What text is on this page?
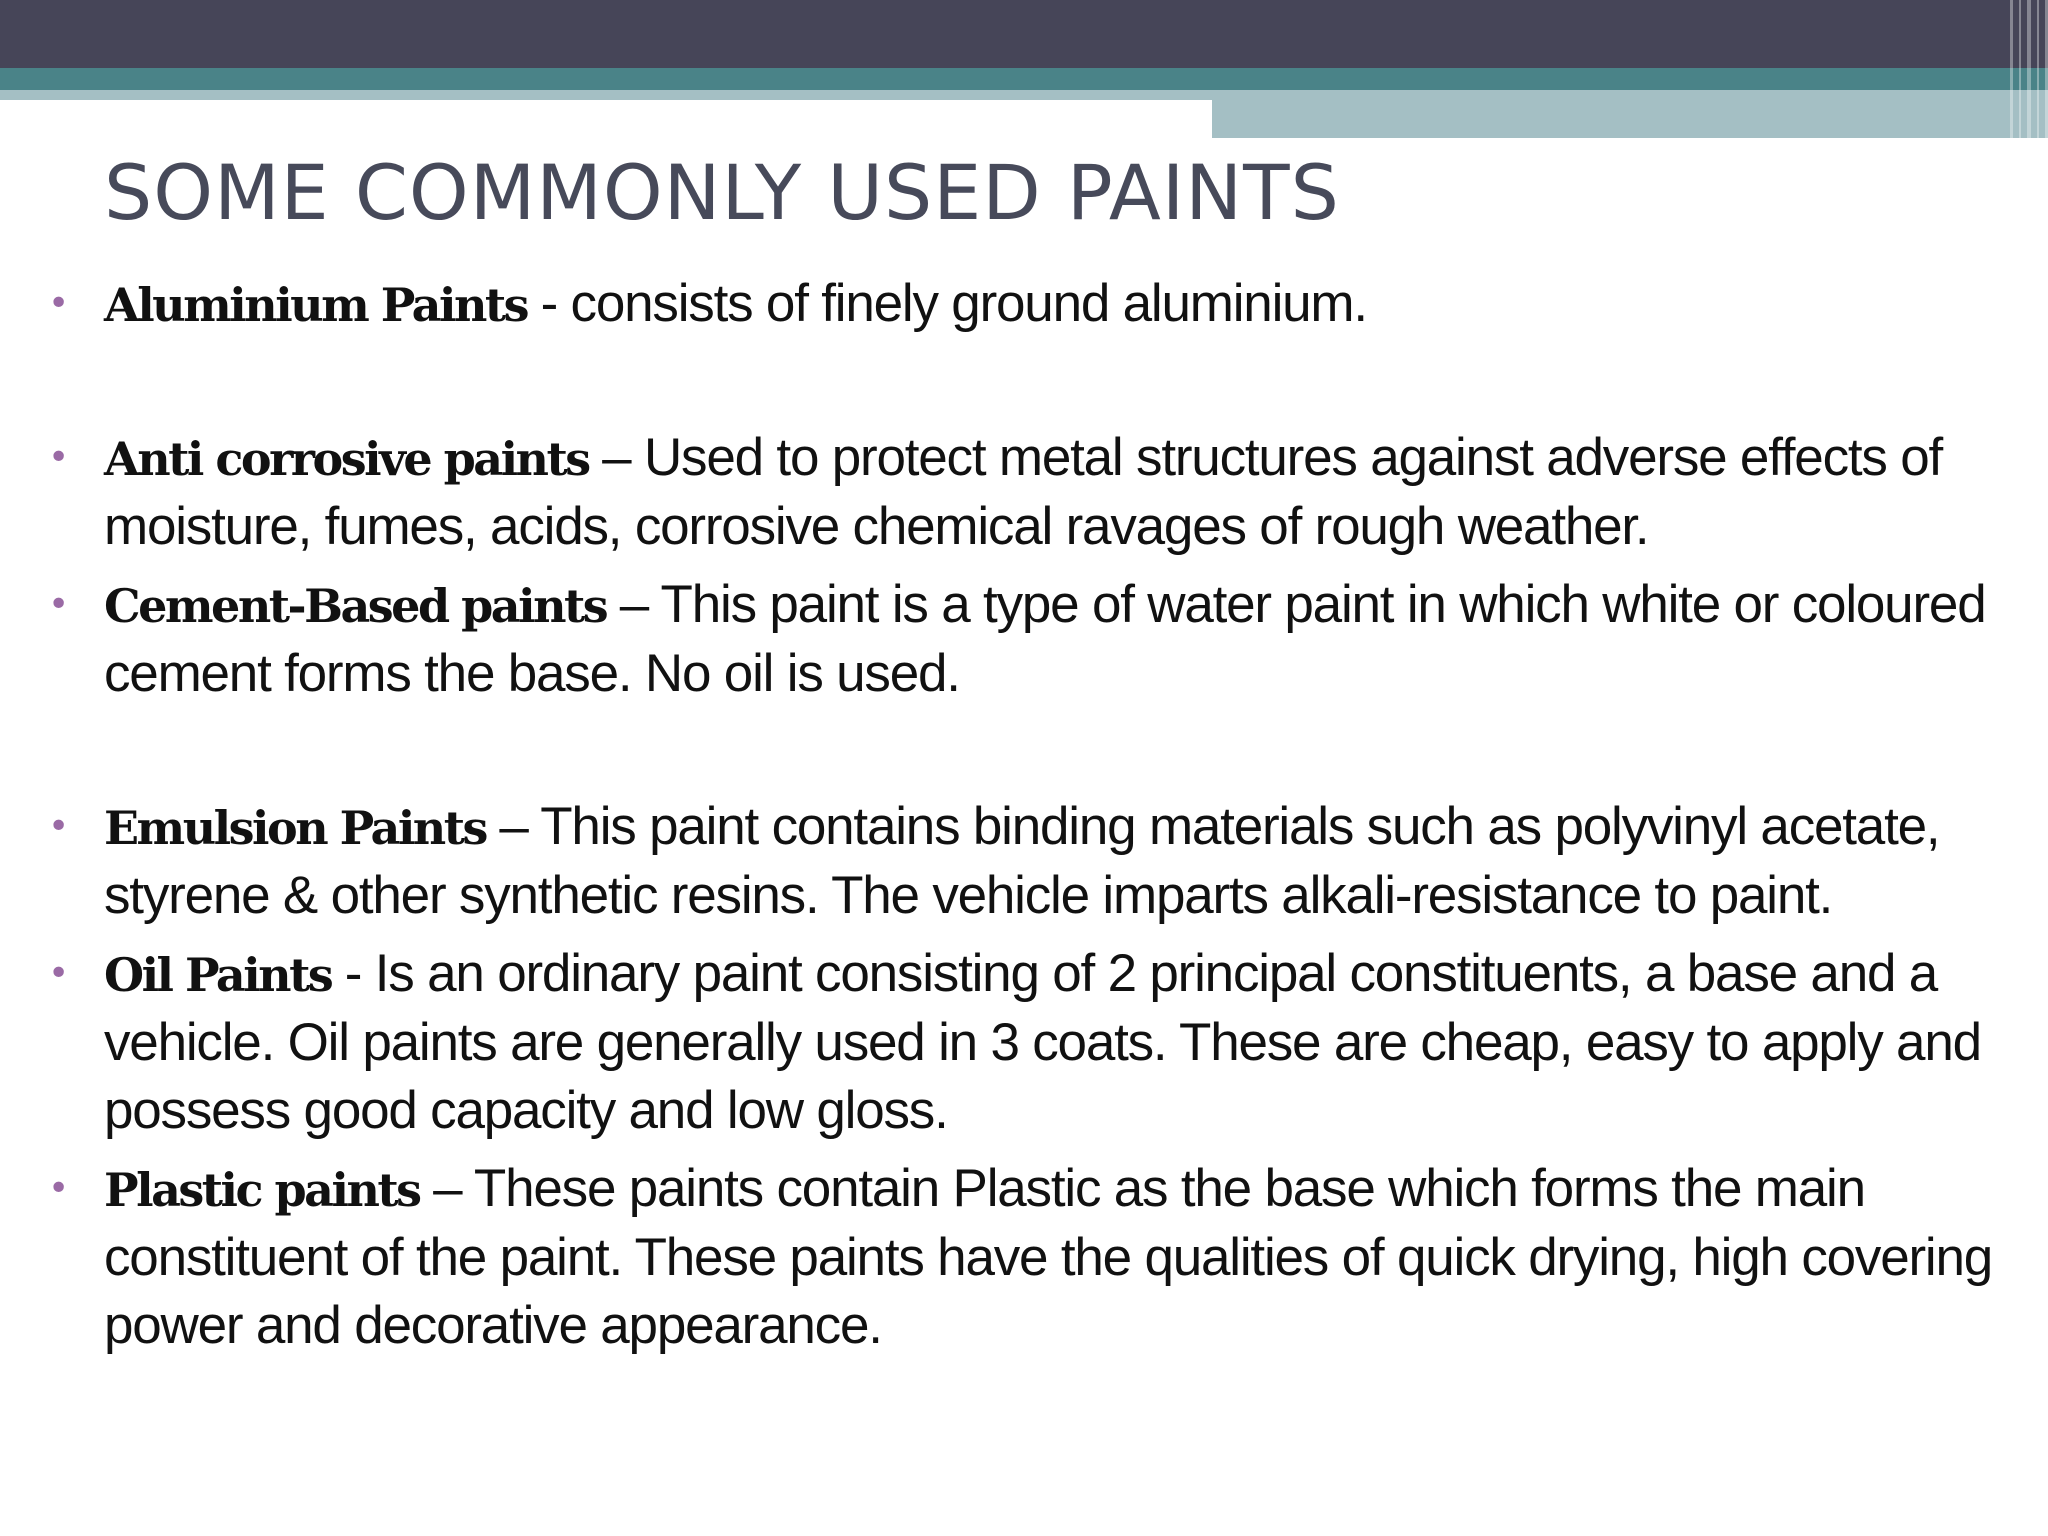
SOME COMMONLY USED PAINTS
• Aluminium Paints - consists of finely ground aluminium.
• Anti corrosive paints – Used to protect metal structures against adverse effects of moisture, fumes, acids, corrosive chemical ravages of rough weather.
• Cement-Based paints – This paint is a type of water paint in which white or coloured cement forms the base. No oil is used.
• Emulsion Paints – This paint contains binding materials such as polyvinyl acetate, styrene & other synthetic resins. The vehicle imparts alkali-resistance to paint.
• Oil Paints - Is an ordinary paint consisting of 2 principal constituents, a base and a vehicle. Oil paints are generally used in 3 coats. These are cheap, easy to apply and possess good capacity and low gloss.
• Plastic paints – These paints contain Plastic as the base which forms the main constituent of the paint. These paints have the qualities of quick drying, high covering power and decorative appearance.
